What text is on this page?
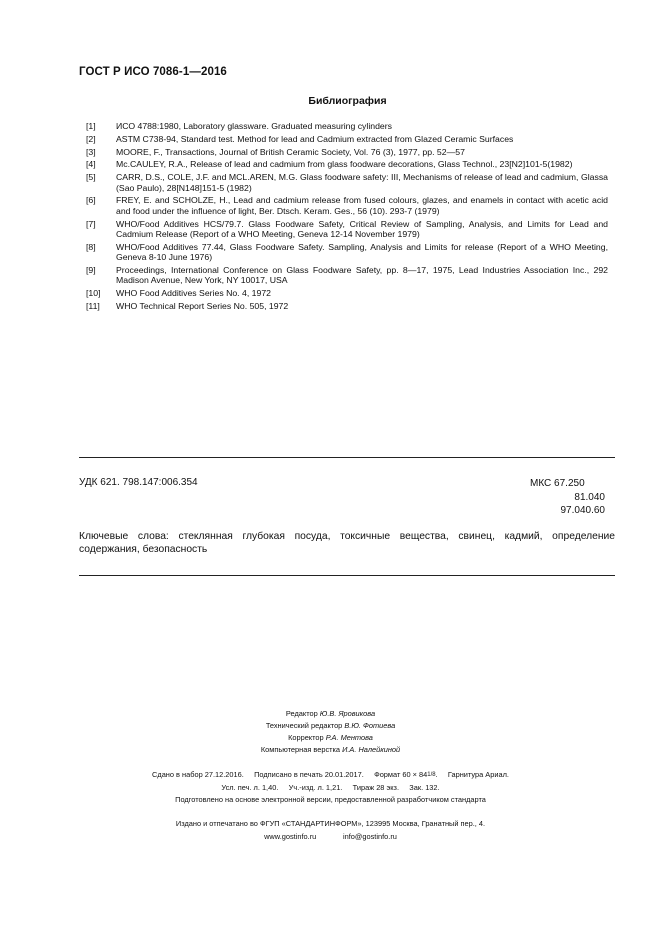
ГОСТ Р ИСО 7086-1—2016
Библиография
[1]	ИСО 4788:1980, Laboratory glassware. Graduated measuring cylinders
[2]	ASTM C738-94, Standard test. Method for lead and Cadmium extracted from Glazed Ceramic Surfaces
[3]	MOORE, F., Transactions, Journal of British Ceramic Society, Vol. 76 (3), 1977, pp. 52—57
[4]	Mc.CAULEY, R.A., Release of lead and cadmium from glass foodware decorations, Glass Technol., 23[N2]101-5(1982)
[5]	CARR, D.S., COLE, J.F. and MCL.AREN, M.G. Glass foodware safety: III, Mechanisms of release of lead and cadmium, Glassa (Sao Paulo), 28[N148]151-5 (1982)
[6]	FREY, E. and SCHOLZE, H., Lead and cadmium release from fused colours, glazes, and enamels in contact with acetic acid and food under the influence of light, Ber. Dtsch. Keram. Ges., 56 (10). 293-7 (1979)
[7]	WHO/Food Additives HCS/79.7. Glass Foodware Safety, Critical Review of Sampling, Analysis, and Limits for Lead and Cadmium Release (Report of a WHO Meeting, Geneva 12-14 November 1979)
[8]	WHO/Food Additives 77.44, Glass Foodware Safety. Sampling, Analysis and Limits for release (Report of a WHO Meeting, Geneva 8-10 June 1976)
[9]	Proceedings, International Conference on Glass Foodware Safety, pp. 8—17, 1975, Lead Industries Association Inc., 292 Madison Avenue, New York, NY 10017, USA
[10]	WHO Food Additives Series No. 4, 1972
[11]	WHO Technical Report Series No. 505, 1972
УДК 621. 798.147:006.354	МКС 67.250
81.040
97.040.60
Ключевые слова: стеклянная глубокая посуда, токсичные вещества, свинец, кадмий, определение содержания, безопасность
Редактор Ю.В. Яровикова
Технический редактор В.Ю. Фотиева
Корректор Р.А. Ментова
Компьютерная верстка И.А. Налейкиной
Сдано в набор 27.12.2016. Подписано в печать 20.01.2017. Формат 60 × 841/8.     Гарнитура Ариал.
Усл. печ. л. 1,40. Уч.-изд. л. 1,21. Тираж 28 экз. Зак. 132.
Подготовлено на основе электронной версии, предоставленной разработчиком стандарта
Издано и отпечатано во ФГУП «СТАНДАРТИНФОРМ», 123995 Москва, Гранатный пер., 4.
www.gostinfo.ru	info@gostinfo.ru
